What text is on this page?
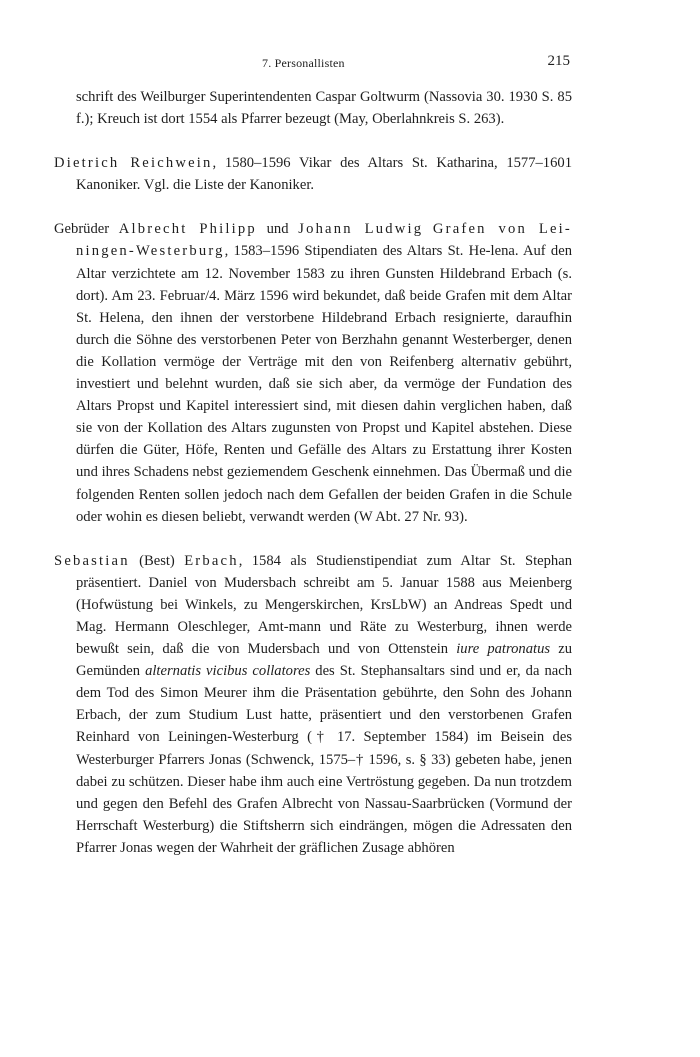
7. Personallisten	215

schrift des Weilburger Superintendenten Caspar Goltwurm (Nassovia 30. 1930 S. 85 f.); Kreuch ist dort 1554 als Pfarrer bezeugt (May, Oberlahnkreis S. 263).

Dietrich Reichwein, 1580–1596 Vikar des Altars St. Katharina, 1577–1601 Kanoniker. Vgl. die Liste der Kanoniker.

Gebrüder Albrecht Philipp und Johann Ludwig Grafen von Lei-ningen-Westerburg, 1583–1596 Stipendiaten des Altars St. He-lena. Auf den Altar verzichtete am 12. November 1583 zu ihren Gunsten Hildebrand Erbach (s. dort). Am 23. Februar/4. März 1596 wird bekundet, daß beide Grafen mit dem Altar St. Helena, den ihnen der verstorbene Hildebrand Erbach resignierte, daraufhin durch die Söhne des verstorbenen Peter von Berzhahn genannt Westerberger, denen die Kollation vermöge der Verträge mit den von Reifenberg alternativ gebührt, investiert und belehnt wurden, daß sie sich aber, da vermöge der Fundation des Altars Propst und Kapitel interessiert sind, mit diesen dahin verglichen haben, daß sie von der Kollation des Altars zugunsten von Propst und Kapitel abstehen. Diese dürfen die Güter, Höfe, Renten und Gefälle des Altars zu Erstattung ihrer Kosten und ihres Schadens nebst geziemendem Geschenk einnehmen. Das Übermaß und die folgenden Renten sollen jedoch nach dem Gefallen der beiden Grafen in die Schule oder wohin es diesen beliebt, verwandt werden (W Abt. 27 Nr. 93).

Sebastian (Best) Erbach, 1584 als Studienstipendiat zum Altar St. Stephan präsentiert. Daniel von Mudersbach schreibt am 5. Januar 1588 aus Meienberg (Hofwüstung bei Winkels, zu Mengerskirchen, KrsLbW) an Andreas Spedt und Mag. Hermann Oleschleger, Amt-mann und Räte zu Westerburg, ihnen werde bewußt sein, daß die von Mudersbach und von Ottenstein iure patronatus zu Gemünden alternatis vicibus collatores des St. Stephansaltars sind und er, da nach dem Tod des Simon Meurer ihm die Präsentation gebührte, den Sohn des Johann Erbach, der zum Studium Lust hatte, präsentiert und den verstorbenen Grafen Reinhard von Leiningen-Westerburg († 17. September 1584) im Beisein des Westerburger Pfarrers Jonas (Schwenck, 1575–† 1596, s. § 33) gebeten habe, jenen dabei zu schützen. Dieser habe ihm auch eine Vertröstung gegeben. Da nun trotzdem und gegen den Befehl des Grafen Albrecht von Nassau-Saarbrücken (Vormund der Herrschaft Westerburg) die Stiftsherrn sich eindrängen, mögen die Adressaten den Pfarrer Jonas wegen der Wahrheit der gräflichen Zusage abhören
